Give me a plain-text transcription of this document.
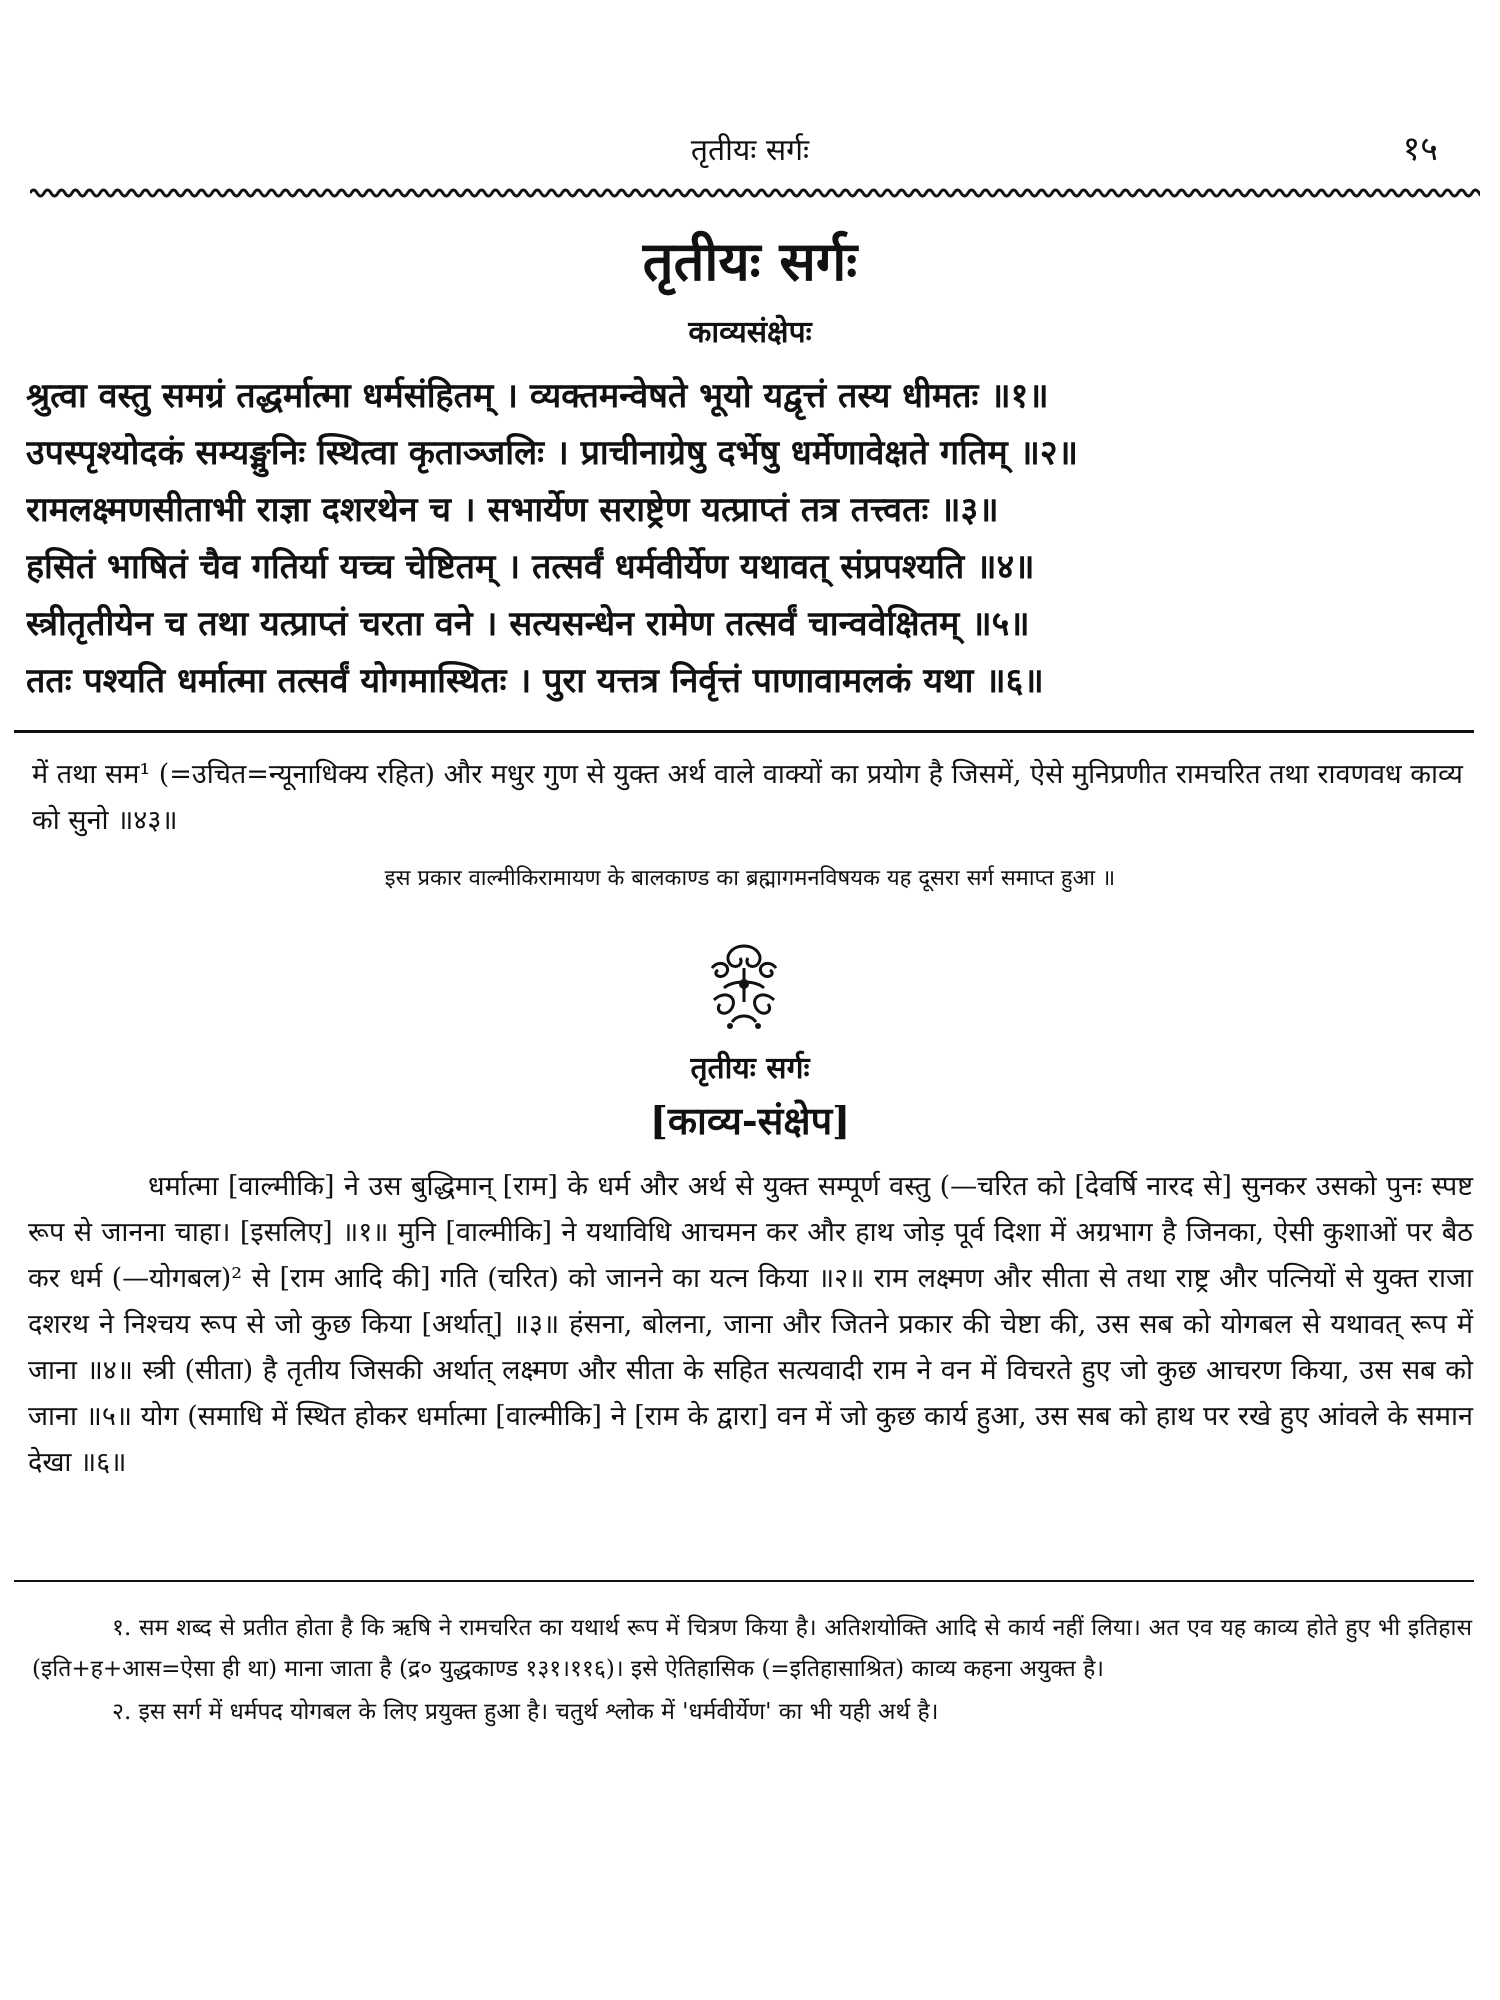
तृतीयः सर्गः	१५
तृतीयः सर्गः
काव्यसंक्षेपः
श्रुत्वा वस्तु समग्रं तद्धर्मात्मा धर्मसंहितम् । व्यक्तमन्वेषते भूयो यद्वृत्तं तस्य धीमतः ॥१॥
उपस्पृश्योदकं सम्यङ्मुनिः स्थित्वा कृताञ्जलिः । प्राचीनाग्रेषु दर्भेषु धर्मेणावेक्षते गतिम् ॥२॥
रामलक्ष्मणसीताभी राज्ञा दशरथेन च । सभार्येण सराष्ट्रेण यत्प्राप्तं तत्र तत्त्वतः ॥३॥
हसितं भाषितं चैव गतिर्या यच्च चेष्टितम् । तत्सर्वं धर्मवीर्येण यथावत् संप्रपश्यति ॥४॥
स्त्रीतृतीयेन च तथा यत्प्राप्तं चरता वने । सत्यसन्धेन रामेण तत्सर्वं चान्ववेक्षितम् ॥५॥
ततः पश्यति धर्मात्मा तत्सर्वं योगमास्थितः । पुरा यत्तत्र निर्वृत्तं पाणावामलकं यथा ॥६॥
में तथा सम¹ (=उचित=न्यूनाधिक्य रहित) और मधुर गुण से युक्त अर्थ वाले वाक्यों का प्रयोग है जिसमें, ऐसे मुनिप्रणीत रामचरित तथा रावणवध काव्य को सुनो ॥४३॥
इस प्रकार वाल्मीकिरामायण के बालकाण्ड का ब्रह्मागमनविषयक यह दूसरा सर्ग समाप्त हुआ ॥
तृतीयः सर्गः
[काव्य-संक्षेप]

धर्मात्मा [वाल्मीकि] ने उस बुद्धिमान् [राम] के धर्म और अर्थ से युक्त सम्पूर्ण वस्तु (—चरित को [देवर्षि नारद से] सुनकर उसको पुनः स्पष्ट रूप से जानना चाहा। [इसलिए] ॥१॥ मुनि [वाल्मीकि] ने यथाविधि आचमन कर और हाथ जोड़ पूर्व दिशा में अग्रभाग है जिनका, ऐसी कुशाओं पर बैठ कर धर्म (—योगबल)² से [राम आदि की] गति (चरित) को जानने का यत्न किया ॥२॥ राम लक्ष्मण और सीता से तथा राष्ट्र और पत्नियों से युक्त राजा दशरथ ने निश्चय रूप से जो कुछ किया [अर्थात्] ॥३॥ हंसना, बोलना, जाना और जितने प्रकार की चेष्टा की, उस सब को योगबल से यथावत् रूप में जाना ॥४॥ स्त्री (सीता) है तृतीय जिसकी अर्थात् लक्ष्मण और सीता के सहित सत्यवादी राम ने वन में विचरते हुए जो कुछ आचरण किया, उस सब को जाना ॥५॥ योग (समाधि में स्थित होकर धर्मात्मा [वाल्मीकि] ने [राम के द्वारा] वन में जो कुछ कार्य हुआ, उस सब को हाथ पर रखे हुए आंवले के समान देखा ॥६॥

१. सम शब्द से प्रतीत होता है कि ऋषि ने रामचरित का यथार्थ रूप में चित्रण किया है। अतिशयोक्ति आदि से कार्य नहीं लिया। अत एव यह काव्य होते हुए भी इतिहास (इति+ह+आस=ऐसा ही था) माना जाता है (द्र० युद्धकाण्ड १३१।११६)। इसे ऐतिहासिक (=इतिहासाश्रित) काव्य कहना अयुक्त है।

२. इस सर्ग में धर्मपद योगबल के लिए प्रयुक्त हुआ है। चतुर्थ श्लोक में 'धर्मवीर्येण' का भी यही अर्थ है।
